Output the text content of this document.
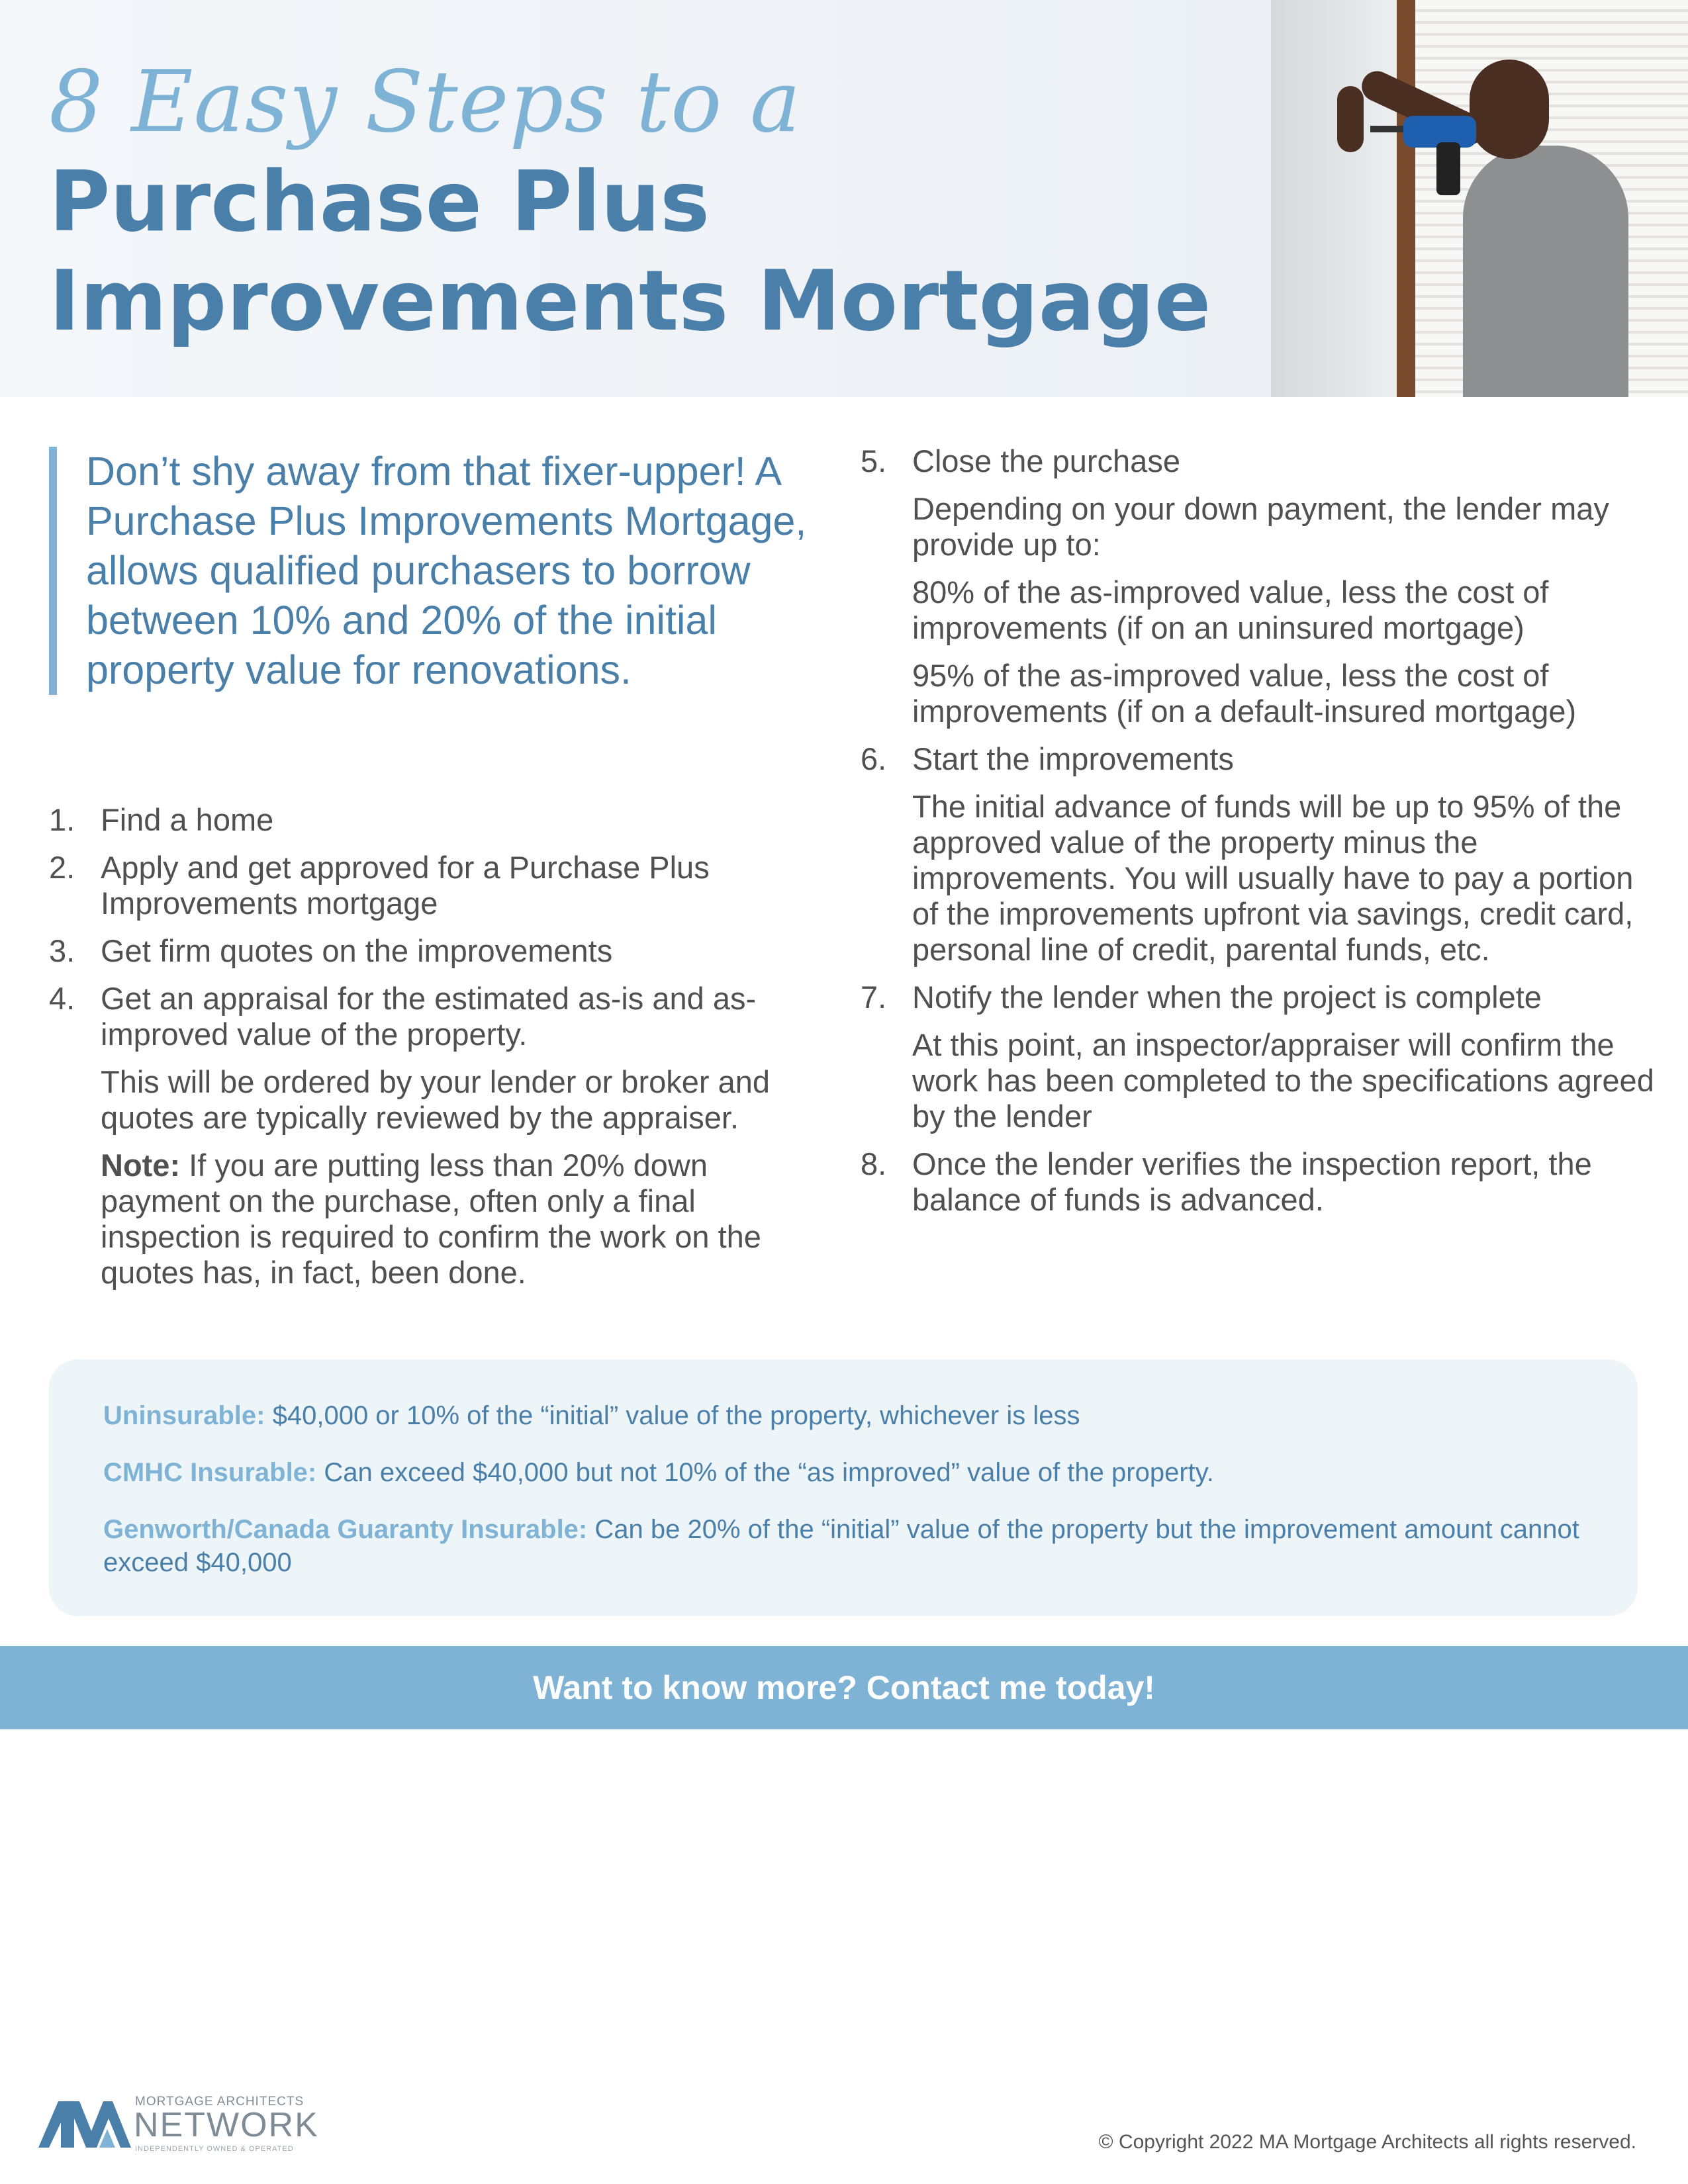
8 Easy Steps to a
Purchase Plus
Improvements Mortgage
Don’t shy away from that fixer-upper! A Purchase Plus Improvements Mortgage, allows qualified purchasers to borrow between 10% and 20% of the initial property value for renovations.
1. Find a home

2. Apply and get approved for a Purchase Plus Improvements mortgage

3. Get firm quotes on the improvements

4. Get an appraisal for the estimated as-is and as-improved value of the property.

This will be ordered by your lender or broker and quotes are typically reviewed by the appraiser.

Note: If you are putting less than 20% down payment on the purchase, often only a final inspection is required to confirm the work on the quotes has, in fact, been done.

5. Close the purchase

Depending on your down payment, the lender may provide up to:

80% of the as-improved value, less the cost of improvements (if on an uninsured mortgage)

95% of the as-improved value, less the cost of improvements (if on a default-insured mortgage)

6. Start the improvements

The initial advance of funds will be up to 95% of the approved value of the property minus the improvements. You will usually have to pay a portion of the improvements upfront via savings, credit card, personal line of credit, parental funds, etc.

7. Notify the lender when the project is complete

At this point, an inspector/appraiser will confirm the work has been completed to the specifications agreed by the lender

8. Once the lender verifies the inspection report, the balance of funds is advanced.

Uninsurable: $40,000 or 10% of the “initial” value of the property, whichever is less
CMHC Insurable: Can exceed $40,000 but not 10% of the “as improved” value of the property.
Genworth/Canada Guaranty Insurable: Can be 20% of the “initial” value of the property but the improvement amount cannot exceed $40,000
Want to know more? Contact me today!
MORTGAGE ARCHITECTS
NETWORK
INDEPENDENTLY OWNED & OPERATED	© Copyright 2022 MA Mortgage Architects all rights reserved.
